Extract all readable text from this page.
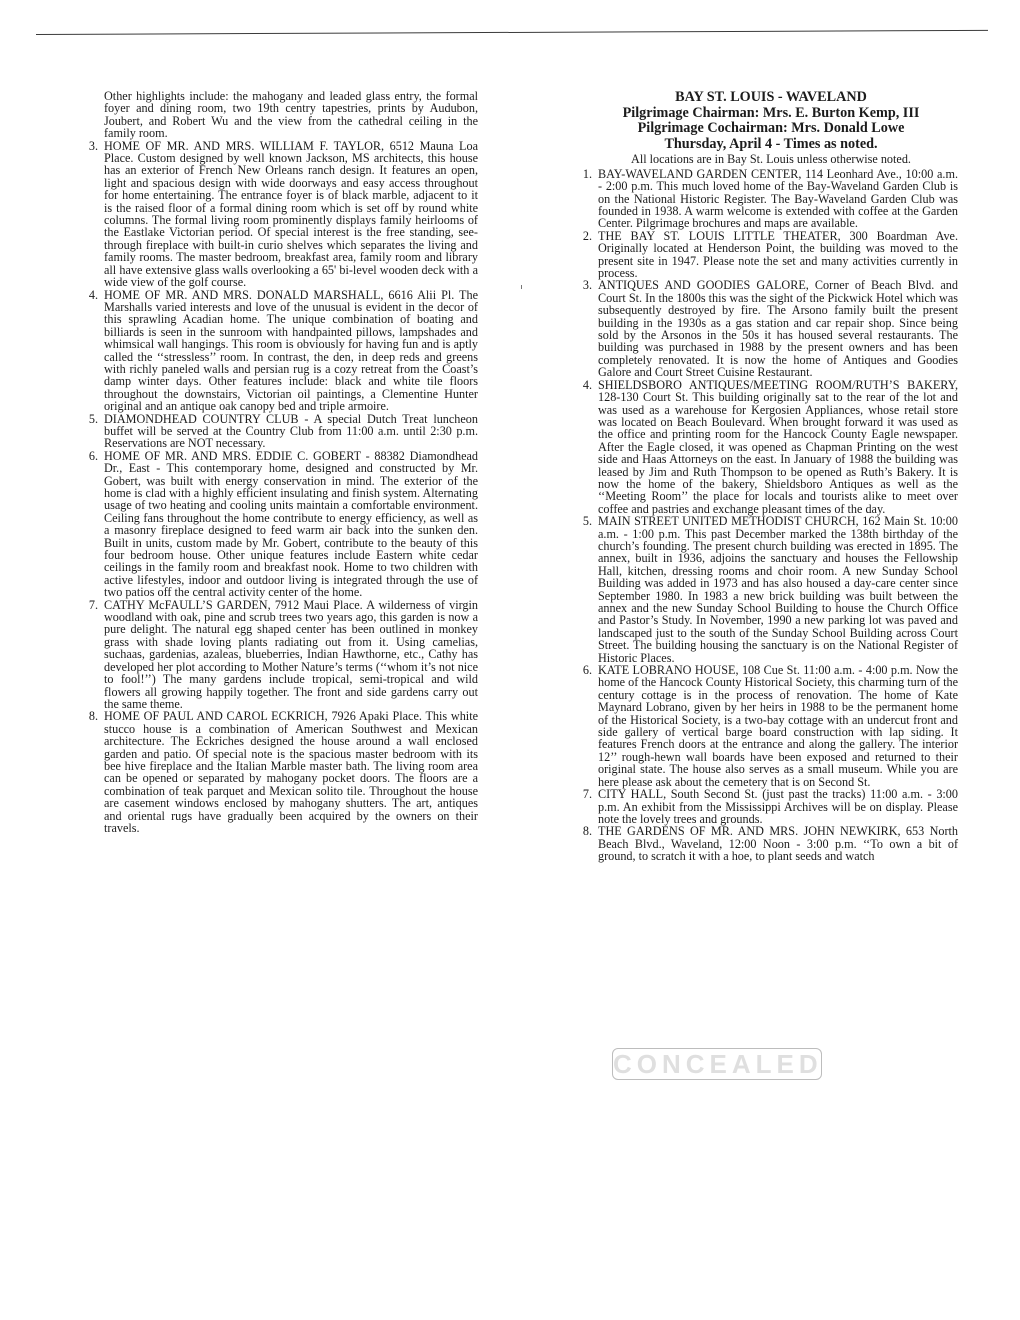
Other highlights include: the mahogany and leaded glass entry, the formal foyer and dining room, two 19th centry tapestries, prints by Audubon, Joubert, and Robert Wu and the view from the cathedral ceiling in the family room.

3. HOME OF MR. AND MRS. WILLIAM F. TAYLOR, 6512 Mauna Loa Place. Custom designed by well known Jackson, MS architects, this house has an exterior of French New Orleans ranch design. It features an open, light and spacious design with wide doorways and easy access throughout for home entertaining. The entrance foyer is of black marble, adjacent to it is the raised floor of a formal dining room which is set off by round white columns. The formal living room prominently displays family heirlooms of the Eastlake Victorian period. Of special interest is the free standing, see-through fireplace with built-in curio shelves which separates the living and family rooms. The master bedroom, breakfast area, family room and library all have extensive glass walls overlooking a 65' bi-level wooden deck with a wide view of the golf course.

4. HOME OF MR. AND MRS. DONALD MARSHALL, 6616 Alii Pl. The Marshalls varied interests and love of the unusual is evident in the decor of this sprawling Acadian home. The unique combination of boating and billiards is seen in the sunroom with handpainted pillows, lampshades and whimsical wall hangings. This room is obviously for having fun and is aptly called the ‘‘stressless’’ room. In contrast, the den, in deep reds and greens with richly paneled walls and persian rug is a cozy retreat from the Coast’s damp winter days. Other features include: black and white tile floors throughout the downstairs, Victorian oil paintings, a Clementine Hunter original and an antique oak canopy bed and triple armoire.

5. DIAMONDHEAD COUNTRY CLUB - A special Dutch Treat luncheon buffet will be served at the Country Club from 11:00 a.m. until 2:30 p.m. Reservations are NOT necessary.

6. HOME OF MR. AND MRS. EDDIE C. GOBERT - 88382 Diamondhead Dr., East - This contemporary home, designed and constructed by Mr. Gobert, was built with energy conservation in mind. The exterior of the home is clad with a highly efficient insulating and finish system. Alternating usage of two heating and cooling units maintain a comfortable environment. Ceiling fans throughout the home contribute to energy efficiency, as well as a masonry fireplace designed to feed warm air back into the sunken den. Built in units, custom made by Mr. Gobert, contribute to the beauty of this four bedroom house. Other unique features include Eastern white cedar ceilings in the family room and breakfast nook. Home to two children with active lifestyles, indoor and outdoor living is integrated through the use of two patios off the central activity center of the home.

7. CATHY McFAULL’S GARDEN, 7912 Maui Place. A wilderness of virgin woodland with oak, pine and scrub trees two years ago, this garden is now a pure delight. The natural egg shaped center has been outlined in monkey grass with shade loving plants radiating out from it. Using camelias, suchaas, gardenias, azaleas, blueberries, Indian Hawthorne, etc., Cathy has developed her plot according to Mother Nature’s terms (‘‘whom it’s not nice to fool!’’) The many gardens include tropical, semi-tropical and wild flowers all growing happily together. The front and side gardens carry out the same theme.

8. HOME OF PAUL AND CAROL ECKRICH, 7926 Apaki Place. This white stucco house is a combination of American Southwest and Mexican architecture. The Eckriches designed the house around a wall enclosed garden and patio. Of special note is the spacious master bedroom with its bee hive fireplace and the Italian Marble master bath. The living room area can be opened or separated by mahogany pocket doors. The floors are a combination of teak parquet and Mexican solito tile. Throughout the house are casement windows enclosed by mahogany shutters. The art, antiques and oriental rugs have gradually been acquired by the owners on their travels.

BAY ST. LOUIS - WAVELAND
Pilgrimage Chairman: Mrs. E. Burton Kemp, III
Pilgrimage Cochairman: Mrs. Donald Lowe
Thursday, April 4 - Times as noted.
All locations are in Bay St. Louis unless otherwise noted.
1. BAY-WAVELAND GARDEN CENTER, 114 Leonhard Ave., 10:00 a.m. - 2:00 p.m. This much loved home of the Bay-Waveland Garden Club is on the National Historic Register. The Bay-Waveland Garden Club was founded in 1938. A warm welcome is extended with coffee at the Garden Center. Pilgrimage brochures and maps are available.

2. THE BAY ST. LOUIS LITTLE THEATER, 300 Boardman Ave. Originally located at Henderson Point, the building was moved to the present site in 1947. Please note the set and many activities currently in process.

3. ANTIQUES AND GOODIES GALORE, Corner of Beach Blvd. and Court St. In the 1800s this was the sight of the Pickwick Hotel which was subsequently destroyed by fire. The Arsono family built the present building in the 1930s as a gas station and car repair shop. Since being sold by the Arsonos in the 50s it has housed several restaurants. The building was purchased in 1988 by the present owners and has been completely renovated. It is now the home of Antiques and Goodies Galore and Court Street Cuisine Restaurant.

4. SHIELDSBORO ANTIQUES/MEETING ROOM/RUTH’S BAKERY, 128-130 Court St. This building originally sat to the rear of the lot and was used as a warehouse for Kergosien Appliances, whose retail store was located on Beach Boulevard. When brought forward it was used as the office and printing room for the Hancock County Eagle newspaper. After the Eagle closed, it was opened as Chapman Printing on the west side and Haas Attorneys on the east. In January of 1988 the building was leased by Jim and Ruth Thompson to be opened as Ruth’s Bakery. It is now the home of the bakery, Shieldsboro Antiques as well as the ‘‘Meeting Room’’ the place for locals and tourists alike to meet over coffee and pastries and exchange pleasant times of the day.

5. MAIN STREET UNITED METHODIST CHURCH, 162 Main St. 10:00 a.m. - 1:00 p.m. This past December marked the 138th birthday of the church’s founding. The present church building was erected in 1895. The annex, built in 1936, adjoins the sanctuary and houses the Fellowship Hall, kitchen, dressing rooms and choir room. A new Sunday School Building was added in 1973 and has also housed a day-care center since September 1980. In 1983 a new brick building was built between the annex and the new Sunday School Building to house the Church Office and Pastor’s Study. In November, 1990 a new parking lot was paved and landscaped just to the south of the Sunday School Building across Court Street. The building housing the sanctuary is on the National Register of Historic Places.

6. KATE LOBRANO HOUSE, 108 Cue St. 11:00 a.m. - 4:00 p.m. Now the home of the Hancock County Historical Society, this charming turn of the century cottage is in the process of renovation. The home of Kate Maynard Lobrano, given by her heirs in 1988 to be the permanent home of the Historical Society, is a two-bay cottage with an undercut front and side gallery of vertical barge board construction with lap siding. It features French doors at the entrance and along the gallery. The interior 12’’ rough-hewn wall boards have been exposed and returned to their original state. The house also serves as a small museum. While you are here please ask about the cemetery that is on Second St.

7. CITY HALL, South Second St. (just past the tracks) 11:00 a.m. - 3:00 p.m. An exhibit from the Mississippi Archives will be on display. Please note the lovely trees and grounds.

8. THE GARDENS OF MR. AND MRS. JOHN NEWKIRK, 653 North Beach Blvd., Waveland, 12:00 Noon - 3:00 p.m. ‘‘To own a bit of ground, to scratch it with a hoe, to plant seeds and watch

CONCEALED
